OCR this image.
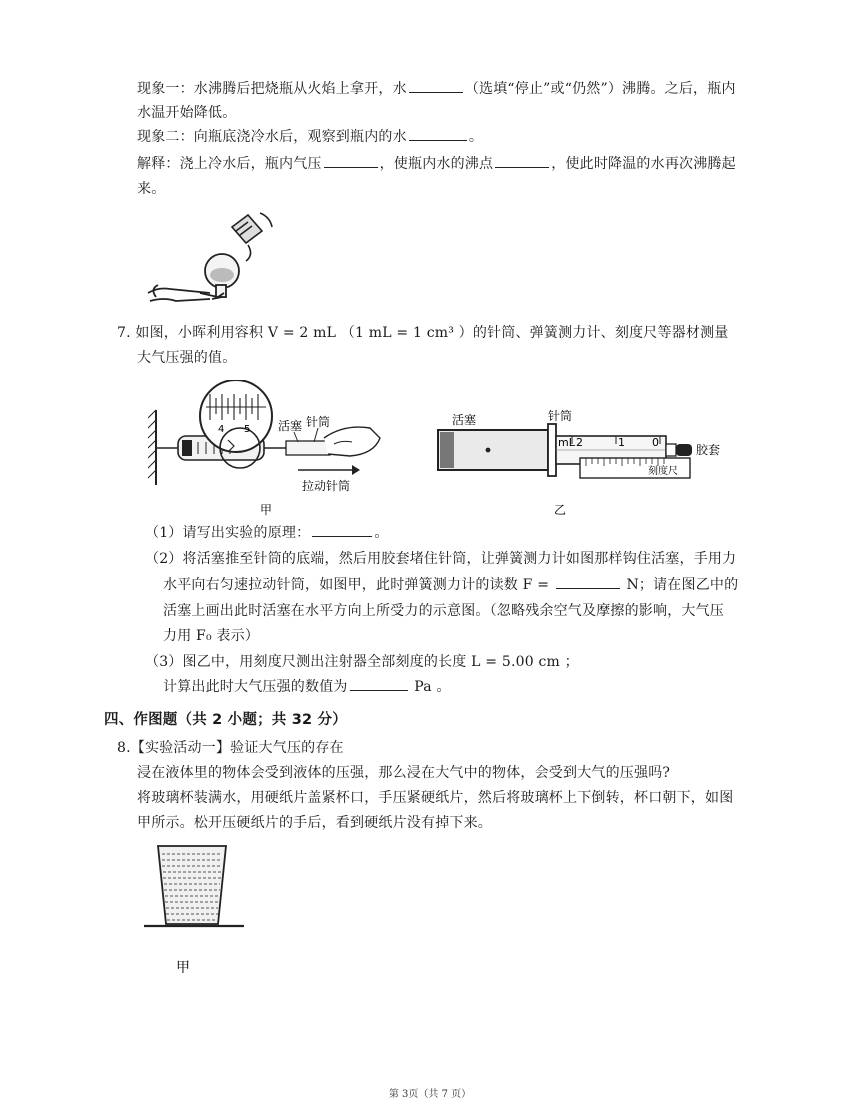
现象一：水沸腾后把烧瓶从火焰上拿开，水	（选填“停止”或“仍然”）沸腾。之后，瓶内
水温开始降低。
现象二：向瓶底浇冷水后，观察到瓶内的水	。
解释：浇上冷水后，瓶内气压	，使瓶内水的沸点	，使此时降温的水再次沸腾起
来。
7. 如图，小晖利用容积 V = 2 mL （1 mL = 1 cm³ ）的针筒、弹簧测力计、刻度尺等器材测量
大气压强的值。
4 5 活塞 针筒
拉动针筒
甲
活塞	针筒
mL 2	1 0
胶套
刻度尺
乙
（1）请写出实验的原理：	。
（2）将活塞推至针筒的底端，然后用胶套堵住针筒，让弹簧测力计如图那样钩住活塞，手用力
水平向右匀速拉动针筒，如图甲，此时弹簧测力计的读数 F =	N；请在图乙中的
活塞上画出此时活塞在水平方向上所受力的示意图。（忽略残余空气及摩擦的影响，大气压
力用 F₀ 表示）
（3）图乙中，用刻度尺测出注射器全部刻度的长度 L = 5.00 cm ；
计算出此时大气压强的数值为	Pa 。
四、作图题（共 2 小题；共 32 分）
8.【实验活动一】验证大气压的存在
浸在液体里的物体会受到液体的压强，那么浸在大气中的物体，会受到大气的压强吗?
将玻璃杯装满水，用硬纸片盖紧杯口，手压紧硬纸片，然后将玻璃杯上下倒转，杯口朝下，如图
甲所示。松开压硬纸片的手后，看到硬纸片没有掉下来。
甲
第 3页（共 7 页）
